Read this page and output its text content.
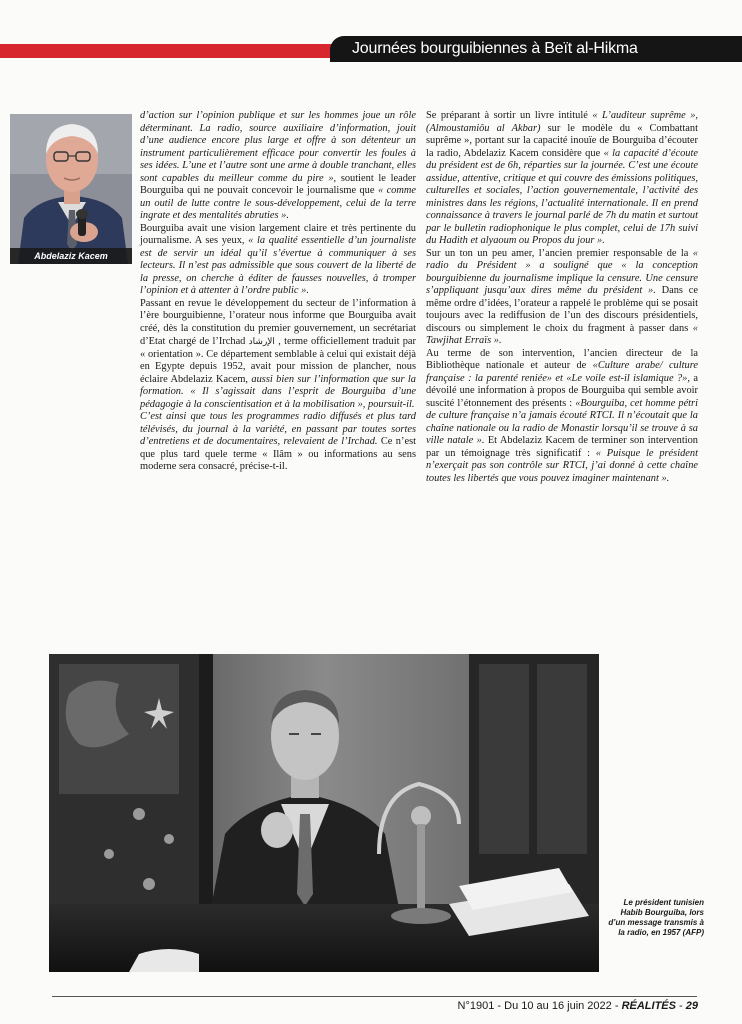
Journées bourguibiennes à Beït al-Hikma
Abdelaziz Kacem

d’action sur l’opinion publique et sur les hommes joue un rôle déterminant. La radio, source auxiliaire d’information, jouit d’une audience encore plus large et offre à son détenteur un instrument particulièrement efficace pour convertir les foules à ses idées. L’une et l’autre sont une arme à double tranchant, elles sont capables du meilleur comme du pire », soutient le leader Bourguiba qui ne pouvait concevoir le journalisme que « comme un outil de lutte contre le sous-développement, celui de la terre ingrate et des mentalités abruties ».

Bourguiba avait une vision largement claire et très pertinente du journalisme. A ses yeux, « la qualité essentielle d’un journaliste est de servir un idéal qu’il s’évertue à communiquer à ses lecteurs. Il n’est pas admissible que sous couvert de la liberté de la presse, on cherche à éditer de fausses nouvelles, à tromper l’opinion et à attenter à l’ordre public ».

Passant en revue le développement du secteur de l’information à l’ère bourguibienne, l’orateur nous informe que Bourguiba avait créé, dès la constitution du premier gouvernement, un secrétariat d’Etat chargé de l’Irchad الإرشاد , terme officiellement traduit par « orientation ». Ce département semblable à celui qui existait déjà en Egypte depuis 1952, avait pour mission de plancher, nous éclaire Abdelaziz Kacem, aussi bien sur l’information que sur la formation. « Il s’agissait dans l’esprit de Bourguiba d’une pédagogie à la conscientisation et à la mobilisation », poursuit-il.

C’est ainsi que tous les programmes radio diffusés et plus tard télévisés, du journal à la variété, en passant par toutes sortes d’entretiens et de documentaires, relevaient de l’Irchad. Ce n’est que plus tard quele terme « Ilâm » ou informations au sens moderne sera consacré, précise-t-il.

Se préparant à sortir un livre intitulé « L’auditeur suprême », (Almoustamiôu al Akbar) sur le modèle du « Combattant suprême », portant sur la capacité inouïe de Bourguiba d’écouter la radio, Abdelaziz Kacem considère que « la capacité d’écoute du président est de 6h, réparties sur la journée. C’est une écoute assidue, attentive, critique et qui couvre des émissions politiques, culturelles et sociales, l’action gouvernementale, l’activité des ministres dans les régions, l’actualité internationale. Il en prend connaissance à travers le journal parlé de 7h du matin et surtout par le bulletin radiophonique le plus complet, celui de 17h suivi du Hadith et alyaoum ou Propos du jour ».

Sur un ton un peu amer, l’ancien premier responsable de la « radio du Président » a souligné que « la conception bourguibienne du journalisme implique la censure. Une censure s’appliquant jusqu’aux dires même du président ». Dans ce même ordre d’idées, l’orateur a rappelé le problème qui se posait toujours avec la rediffusion de l’un des discours présidentiels, discours ou simplement le choix du fragment à passer dans « Tawjihat Erraïs ».

Au terme de son intervention, l’ancien directeur de la Bibliothèque nationale et auteur de «Culture arabe/ culture française : la parenté reniée» et «Le voile est-il islamique ?», a dévoilé une information à propos de Bourguiba qui semble avoir suscité l’étonnement des présents : «Bourguiba, cet homme pétri de culture française n’a jamais écouté RTCI. Il n’écoutait que la chaîne nationale ou la radio de Monastir lorsqu’il se trouve à sa ville natale ». Et Abdelaziz Kacem de terminer son intervention par un témoignage très significatif : « Puisque le président n’exerçait pas son contrôle sur RTCI, j’ai donné à cette chaîne toutes les libertés que vous pouvez imaginer maintenant ».

Le président tunisien Habib Bourguiba, lors d’un message transmis à la radio, en 1957 (AFP)
N°1901 - Du 10 au 16 juin 2022 - RÉALITÉS - 29
